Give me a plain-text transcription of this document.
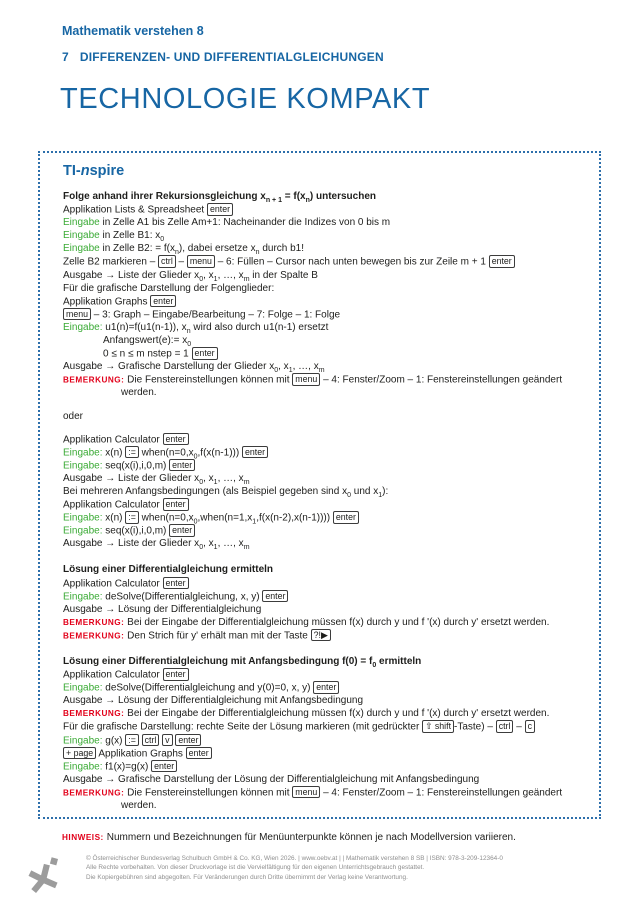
Mathematik verstehen 8
7 DIFFERENZEN- UND DIFFERENTIALGLEICHUNGEN
TECHNOLOGIE KOMPAKT
TI-nspire
Folge anhand ihrer Rekursionsgleichung $x_{n + 1} = f(x_n)$ untersuchen
Applikation Lists & Spreadsheet enter
Eingabe in Zelle A1 bis Zelle Am+1: Nacheinander die Indizes von 0 bis m
Eingabe in Zelle B1: $x_0$
Eingabe in Zelle B2: = $f(x_n)$, dabei ersetze $x_n$ durch b1!
Zelle B2 markieren – ctrl – menu – 6: Füllen – Cursor nach unten bewegen bis zur Zeile m + 1 enter
Ausgabe → Liste der Glieder $x_0$, $x_1$, …, $x_m$ in der Spalte B
Für die grafische Darstellung der Folgenglieder:
Applikation Graphs enter
menu – 3: Graph – Eingabe/Bearbeitung – 7: Folge – 1: Folge
Eingabe: u1(n)=f(u1(n-1)), $x_n$ wird also durch u1(n-1) ersetzt
Anfangswert(e):= $x_0$
0 ≤ n ≤ m nstep = 1 enter
Ausgabe → Grafische Darstellung der Glieder $x_0$, $x_1$, …, $x_m$
BEMERKUNG: Die Fenstereinstellungen können mit menu – 4: Fenster/Zoom – 1: Fenstereinstellungen geändert
werden.
oder
Applikation Calculator enter
Eingabe: x(n) := $when(n=0,x_0,f(x(n-1)))$ enter
Eingabe: seq(x(i),i,0,m) enter
Ausgabe → Liste der Glieder $x_0$, $x_1$, …, $x_m$
Bei mehreren Anfangsbedingungen (als Beispiel gegeben sind $x_0$ und $x_1$):
Applikation Calculator enter
Eingabe: x(n) := $when(n=0,x_0,when(n=1,x_1,f(x(n-2),x(n-1))))$ enter
Eingabe: seq(x(i),i,0,m) enter
Ausgabe → Liste der Glieder $x_0$, $x_1$, …, $x_m$
Lösung einer Differentialgleichung ermitteln
Applikation Calculator enter
Eingabe: deSolve(Differentialgleichung, x, y) enter
Ausgabe → Lösung der Differentialgleichung
BEMERKUNG: Bei der Eingabe der Differentialgleichung müssen f(x) durch y und f '(x) durch y' ersetzt werden.
BEMERKUNG: Den Strich für y' erhält man mit der Taste ?!▶
Lösung einer Differentialgleichung mit Anfangsbedingung $f(0) = f_0$ ermitteln
Applikation Calculator enter
Eingabe: deSolve(Differentialgleichung and y(0)=0, x, y) enter
Ausgabe → Lösung der Differentialgleichung mit Anfangsbedingung
BEMERKUNG: Bei der Eingabe der Differentialgleichung müssen f(x) durch y und f '(x) durch y' ersetzt werden.
Für die grafische Darstellung: rechte Seite der Lösung markieren (mit gedrückter ⇧ shift -Taste) – ctrl – c
Eingabe: g(x) := ctrl v enter
+ page Applikation Graphs enter
Eingabe: f1(x)=g(x) enter
Ausgabe → Grafische Darstellung der Lösung der Differentialgleichung mit Anfangsbedingung
BEMERKUNG: Die Fenstereinstellungen können mit menu – 4: Fenster/Zoom – 1: Fenstereinstellungen geändert
werden.
HINWEIS: Nummern und Bezeichnungen für Menüunterpunkte können je nach Modellversion variieren.
© Österreichischer Bundesverlag Schulbuch GmbH & Co. KG, Wien 2026. | www.oebv.at | | Mathematik verstehen 8 SB | ISBN: 978-3-209-12364-0
Alle Rechte vorbehalten. Von dieser Druckvorlage ist die Vervielfältigung für den eigenen Unterrichtsgebrauch gestattet.
Die Kopiergebühren sind abgegolten. Für Veränderungen durch Dritte übernimmt der Verlag keine Verantwortung.
